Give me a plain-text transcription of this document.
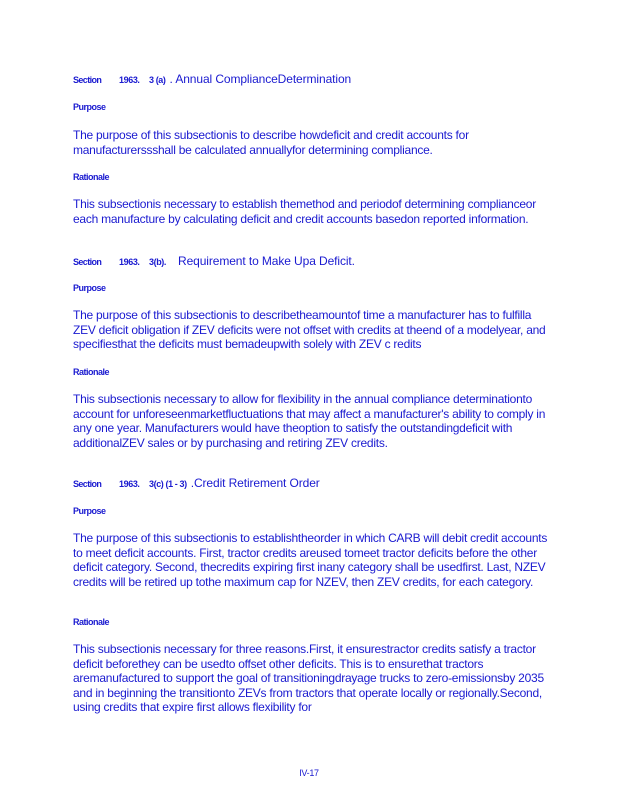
Section	1963.	3 (a) . Annual ComplianceDetermination
Purpose
The purpose of this subsectionis to describe howdeficit and credit accounts for manufacturerssshall be calculated annuallyfor determining compliance.
Rationale
This subsectionis necessary to establish themethod and periodof determining complianceor each manufacture by calculating deficit and credit accounts basedon reported information.
Section	1963.	3(b). Requirement to Make Upa Deficit.
Purpose
The purpose of this subsectionis to describetheamountof time a manufacturer has to fulfilla ZEV deficit obligation if ZEV deficits were not offset with credits at theend of a modelyear, and specifiesthat the deficits must bemadeupwith solely with ZEV c redits
Rationale
This subsectionis necessary to allow for flexibility in the annual compliance determinationto account for unforeseenmarketfluctuations that may affect a manufacturer's ability to comply in any one year. Manufacturers would have theoption to satisfy the outstandingdeficit with additionalZEV sales or by purchasing and retiring ZEV credits.
Section	1963.	3(c) (1 - 3) .Credit Retirement Order
Purpose
The purpose of this subsectionis to establishtheorder in which CARB will debit credit accounts to meet deficit accounts. First, tractor credits areused tomeet tractor deficits before the other deficit category. Second, thecredits expiring first inany category shall be usedfirst. Last, NZEV credits will be retired up tothe maximum cap for NZEV, then ZEV credits, for each category.
Rationale
This subsectionis necessary for three reasons.First, it ensurestractor credits satisfy a tractor deficit beforethey can be usedto offset other deficits. This is to ensurethat tractors aremanufactured to support the goal of transitioningdrayage trucks to zero-emissionsby 2035 and in beginning the transitionto ZEVs from tractors that operate locally or regionally.Second, using credits that expire first allows flexibility for
IV-17
